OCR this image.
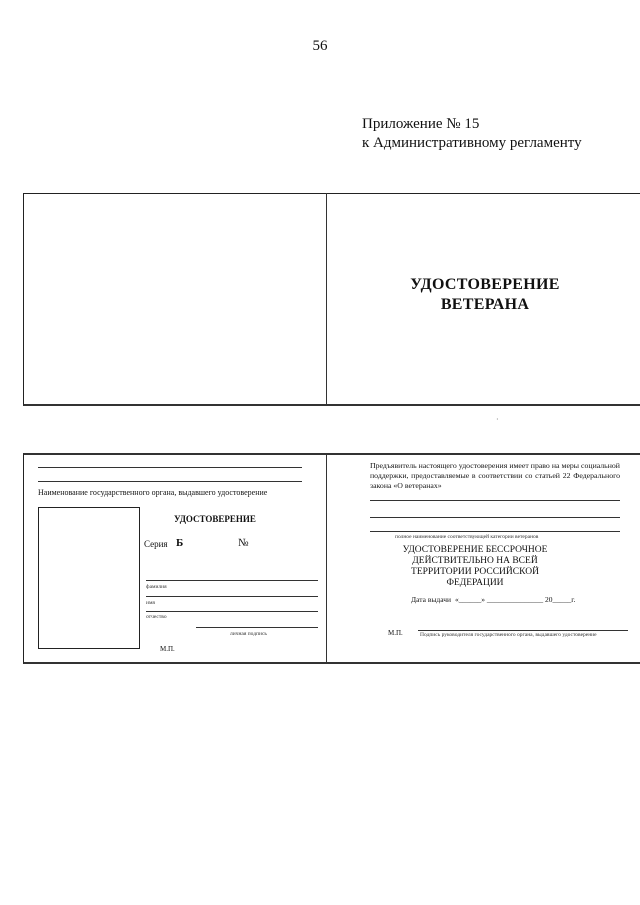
56
Приложение № 15
к Административному регламенту
УДОСТОВЕРЕНИЕ
ВЕТЕРАНА
·
Наименование государственного органа, выдавшего удостоверение
УДОСТОВЕРЕНИЕ
Серия Б	№
фамилия
имя
отчество
личная подпись
М.П.
Предъявитель настоящего удостоверения имеет право на меры социальной поддержки, предоставляемые в соответствии со статьей 22 Федерального закона «О ветеранах»
полное наименование соответствующей категории ветеранов
УДОСТОВЕРЕНИЕ БЕССРОЧНОЕ
ДЕЙСТВИТЕЛЬНО НА ВСЕЙ
ТЕРРИТОРИИ РОССИЙСКОЙ
ФЕДЕРАЦИИ
Дата выдачи «______» _______________ 20_____г.
М.П.	Подпись руководителя государственного органа, выдавшего удостоверение
